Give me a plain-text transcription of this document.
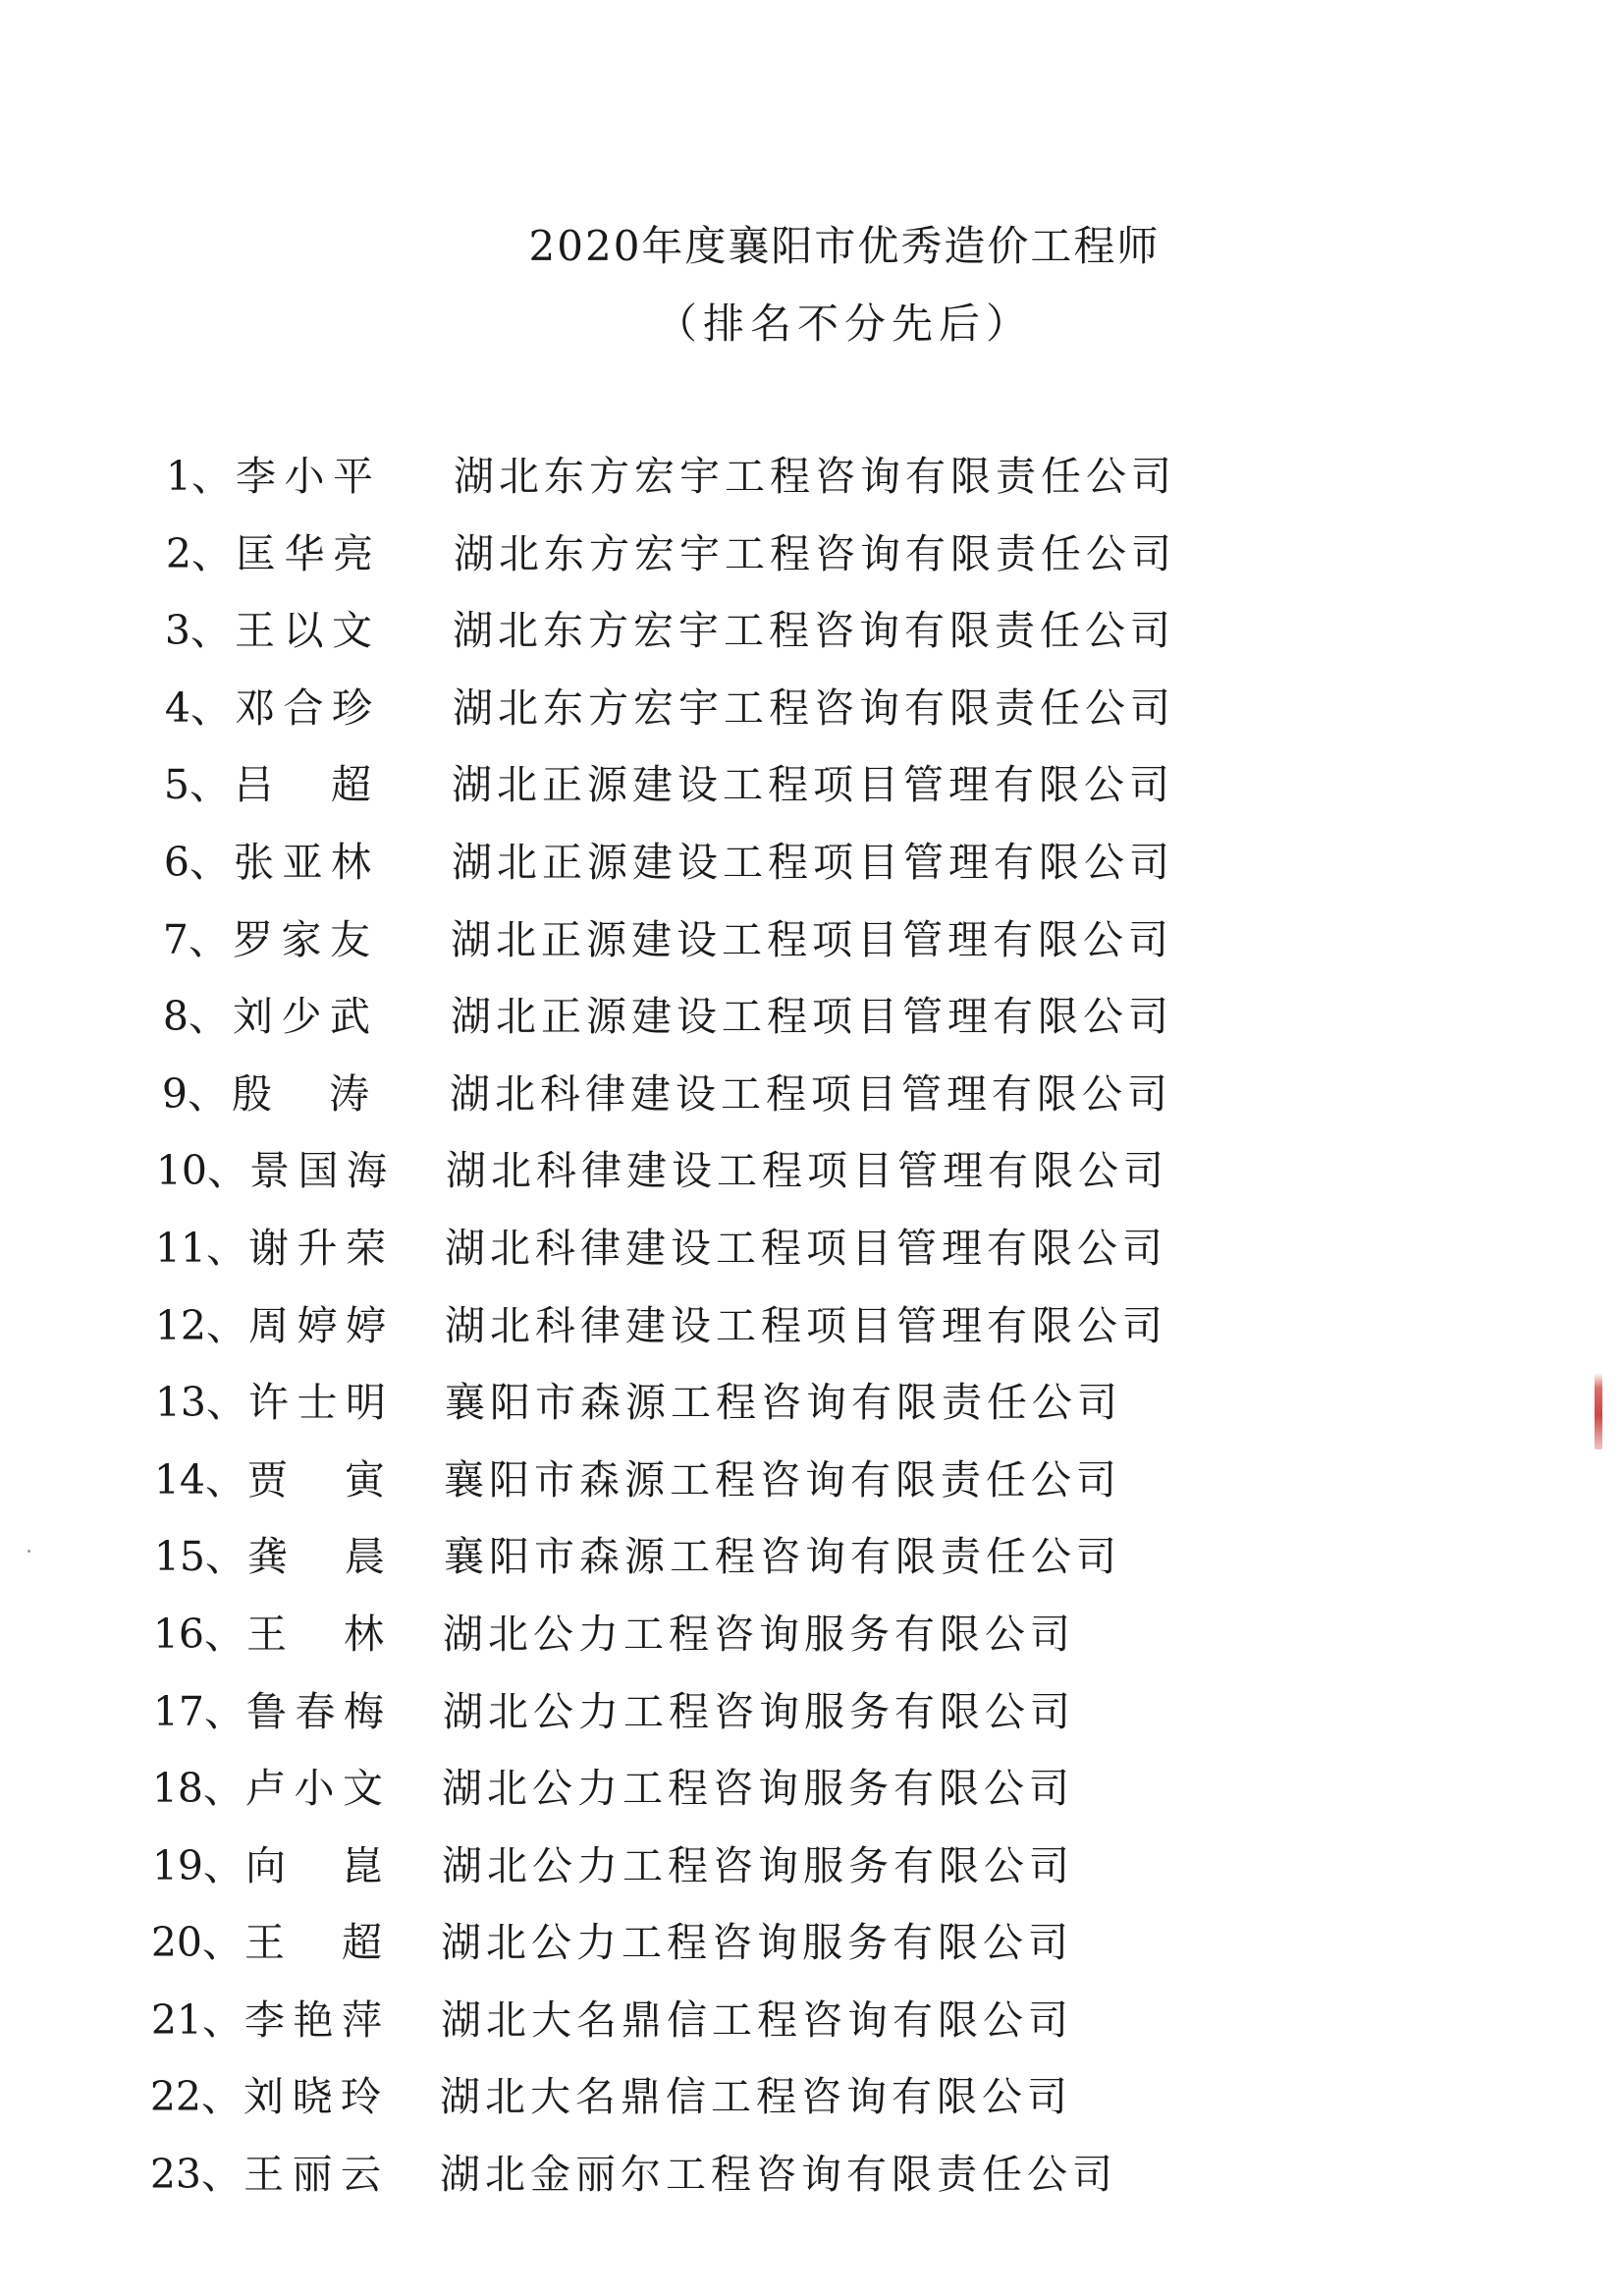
2020年度襄阳市优秀造价工程师
（排名不分先后）
1、 李小平 湖北东方宏宇工程咨询有限责任公司
2、 匡华亮 湖北东方宏宇工程咨询有限责任公司
3、 王以文 湖北东方宏宇工程咨询有限责任公司
4、 邓合珍 湖北东方宏宇工程咨询有限责任公司
5、 吕　超 湖北正源建设工程项目管理有限公司
6、 张亚林 湖北正源建设工程项目管理有限公司
7、 罗家友 湖北正源建设工程项目管理有限公司
8、 刘少武 湖北正源建设工程项目管理有限公司
9、 殷　涛 湖北科律建设工程项目管理有限公司
10、 景国海 湖北科律建设工程项目管理有限公司
11、 谢升荣 湖北科律建设工程项目管理有限公司
12、 周婷婷 湖北科律建设工程项目管理有限公司
13、 许士明 襄阳市森源工程咨询有限责任公司
14、 贾　寅 襄阳市森源工程咨询有限责任公司
15、 龚　晨 襄阳市森源工程咨询有限责任公司
16、 王　林 湖北公力工程咨询服务有限公司
17、 鲁春梅 湖北公力工程咨询服务有限公司
18、 卢小文 湖北公力工程咨询服务有限公司
19、 向　崑 湖北公力工程咨询服务有限公司
20、 王　超 湖北公力工程咨询服务有限公司
21、 李艳萍 湖北大名鼎信工程咨询有限公司
22、 刘晓玲 湖北大名鼎信工程咨询有限公司
23、 王丽云 湖北金丽尔工程咨询有限责任公司
